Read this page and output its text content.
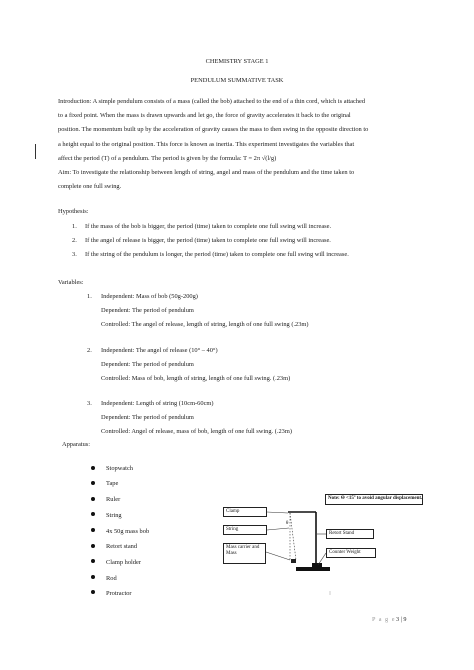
CHEMISTRY STAGE 1
PENDULUM SUMMATIVE TASK
Introduction: A simple pendulum consists of a mass (called the bob) attached to the end of a thin cord, which is attached
to a fixed point. When the mass is drawn upwards and let go, the force of gravity accelerates it back to the original
position. The momentum built up by the acceleration of gravity causes the mass to then swing in the opposite direction to
a height equal to the original position. This force is known as inertia. This experiment investigates the variables that
affect the period (T) of a pendulum. The period is given by the formula: T = 2π √(l/g)
Aim: To investigate the relationship between length of string, angel and mass of the pendulum and the time taken to
complete one full swing.
Hypothesis:
1. If the mass of the bob is bigger, the period (time) taken to complete one full swing will increase.
2. If the angel of release is bigger, the period (time) taken to complete one full swing will increase.
3. If the string of the pendulum is longer, the period (time) taken to complete one full swing will increase.
Variables:
1. Independent: Mass of bob (50g-200g)
Dependent: The period of pendulum
Controlled: The angel of release, length of string, length of one full swing (.23m)
2. Independent: The angel of release (10° – 40°)
Dependent: The period of pendulum
Controlled: Mass of bob, length of string, length of one full swing. (.23m)
3. Independent: Length of string (10cm-60cm)
Dependent: The period of pendulum
Controlled: Angel of release, mass of bob, length of one full swing. (.23m)
Apparatus:
Stopwatch
Tape
Ruler
String
4x 50g mass bob
Retort stand
Clamp holder
Rod
Protractor
Note: Θ <15º to avoid angular displacement.
Clamp
String
Mass carrier and Mass
Retort Stand
Counter Weight
θ
P a g e 3 | 9
